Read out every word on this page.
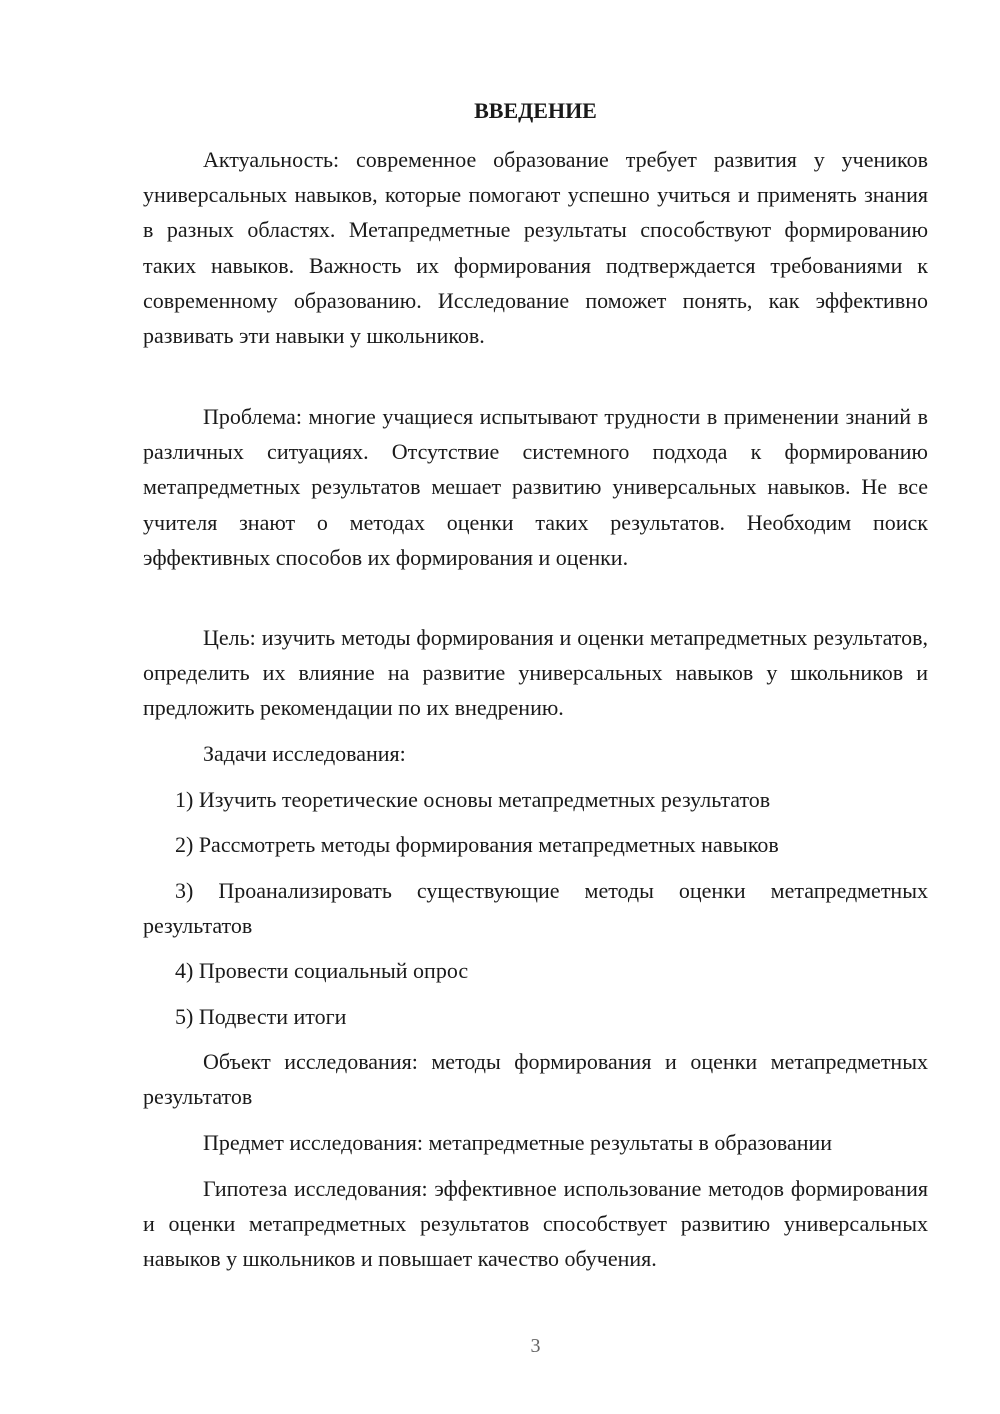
ВВЕДЕНИЕ

Актуальность: современное образование требует развития у учеников универсальных навыков, которые помогают успешно учиться и применять знания в разных областях. Метапредметные результаты способствуют формированию таких навыков. Важность их формирования подтверждается требованиями к современному образованию. Исследование поможет понять, как эффективно развивать эти навыки у школьников.

Проблема: многие учащиеся испытывают трудности в применении знаний в различных ситуациях. Отсутствие системного подхода к формированию метапредметных результатов мешает развитию универсальных навыков. Не все учителя знают о методах оценки таких результатов. Необходим поиск эффективных способов их формирования и оценки.

Цель: изучить методы формирования и оценки метапредметных результатов, определить их влияние на развитие универсальных навыков у школьников и предложить рекомендации по их внедрению.

Задачи исследования:

1) Изучить теоретические основы метапредметных результатов

2) Рассмотреть методы формирования метапредметных навыков

3) Проанализировать существующие методы оценки метапредметных результатов

4) Провести социальный опрос

5) Подвести итоги

Объект исследования: методы формирования и оценки метапредметных результатов

Предмет исследования: метапредметные результаты в образовании

Гипотеза исследования: эффективное использование методов формирования и оценки метапредметных результатов способствует развитию универсальных навыков у школьников и повышает качество обучения.

3
